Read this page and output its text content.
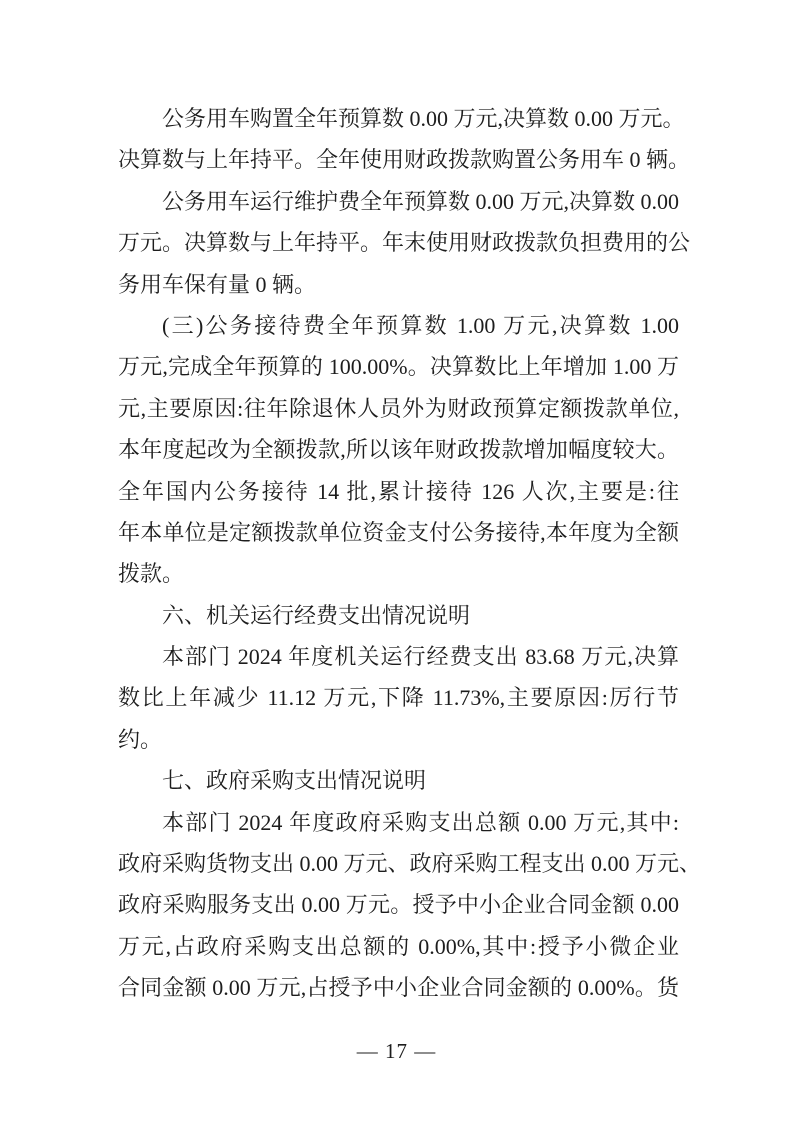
公务用车购置全年预算数 0.00 万元,决算数 0.00 万元。
决算数与上年持平。全年使用财政拨款购置公务用车 0 辆。
公务用车运行维护费全年预算数 0.00 万元,决算数 0.00
万元。决算数与上年持平。年末使用财政拨款负担费用的公
务用车保有量 0 辆。
(三)公务接待费全年预算数 1.00 万元,决算数 1.00
万元,完成全年预算的 100.00%。决算数比上年增加 1.00 万
元,主要原因:往年除退休人员外为财政预算定额拨款单位,
本年度起改为全额拨款,所以该年财政拨款增加幅度较大。
全年国内公务接待 14 批,累计接待 126 人次,主要是:往
年本单位是定额拨款单位资金支付公务接待,本年度为全额
拨款。
六、机关运行经费支出情况说明
本部门 2024 年度机关运行经费支出 83.68 万元,决算
数比上年减少 11.12 万元,下降 11.73%,主要原因:厉行节
约。
七、政府采购支出情况说明
本部门 2024 年度政府采购支出总额 0.00 万元,其中:
政府采购货物支出 0.00 万元、政府采购工程支出 0.00 万元、
政府采购服务支出 0.00 万元。授予中小企业合同金额 0.00
万元,占政府采购支出总额的 0.00%,其中:授予小微企业
合同金额 0.00 万元,占授予中小企业合同金额的 0.00%。货
— 17 —
